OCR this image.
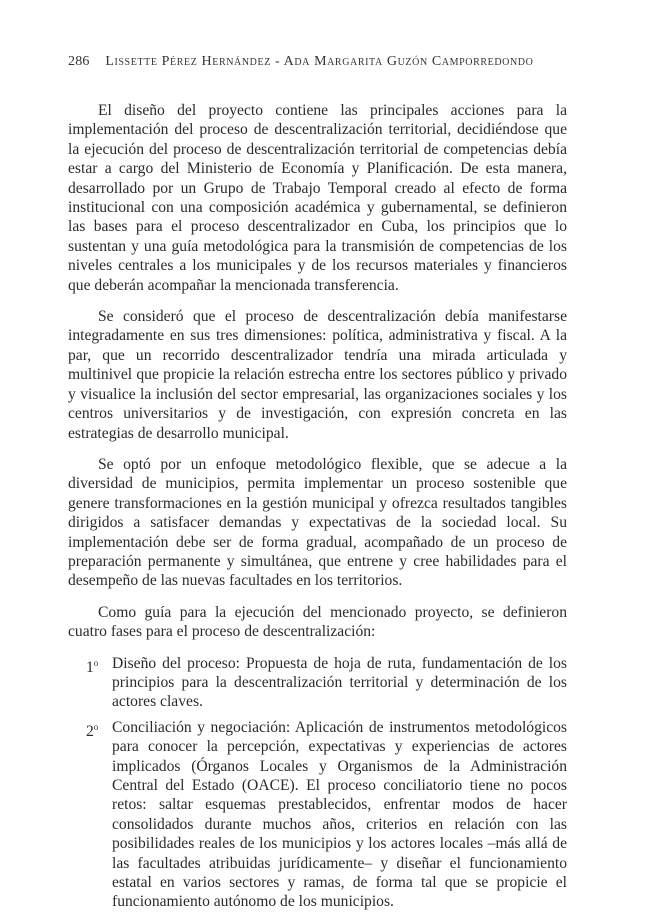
286 Lissette Pérez Hernández - Ada Margarita Guzón Camporredondo

El diseño del proyecto contiene las principales acciones para la implementación del proceso de descentralización territorial, decidiéndose que la ejecución del proceso de descentralización territorial de competencias debía estar a cargo del Ministerio de Economía y Planificación. De esta manera, desarrollado por un Grupo de Trabajo Temporal creado al efecto de forma institucional con una composición académica y gubernamental, se definieron las bases para el proceso descentralizador en Cuba, los principios que lo sustentan y una guía metodológica para la transmisión de competencias de los niveles centrales a los municipales y de los recursos materiales y financieros que deberán acompañar la mencionada transferencia.

Se consideró que el proceso de descentralización debía manifestarse integradamente en sus tres dimensiones: política, administrativa y fiscal. A la par, que un recorrido descentralizador tendría una mirada articulada y multinivel que propicie la relación estrecha entre los sectores público y privado y visualice la inclusión del sector empresarial, las organizaciones sociales y los centros universitarios y de investigación, con expresión concreta en las estrategias de desarrollo municipal.

Se optó por un enfoque metodológico flexible, que se adecue a la diversidad de municipios, permita implementar un proceso sostenible que genere transformaciones en la gestión municipal y ofrezca resultados tangibles dirigidos a satisfacer demandas y expectativas de la sociedad local. Su implementación debe ser de forma gradual, acompañado de un proceso de preparación permanente y simultánea, que entrene y cree habilidades para el desempeño de las nuevas facultades en los territorios.

Como guía para la ejecución del mencionado proyecto, se definieron cuatro fases para el proceso de descentralización:

1$^o$ Diseño del proceso: Propuesta de hoja de ruta, fundamentación de los principios para la descentralización territorial y determinación de los actores claves.
2$^o$ Conciliación y negociación: Aplicación de instrumentos metodológicos para conocer la percepción, expectativas y experiencias de actores implicados (Órganos Locales y Organismos de la Administración Central del Estado (OACE). El proceso conciliatorio tiene no pocos retos: saltar esquemas prestablecidos, enfrentar modos de hacer consolidados durante muchos años, criterios en relación con las posibilidades reales de los municipios y los actores locales –más allá de las facultades atribuidas jurídicamente– y diseñar el funcionamiento estatal en varios sectores y ramas, de forma tal que se propicie el funcionamiento autónomo de los municipios.
